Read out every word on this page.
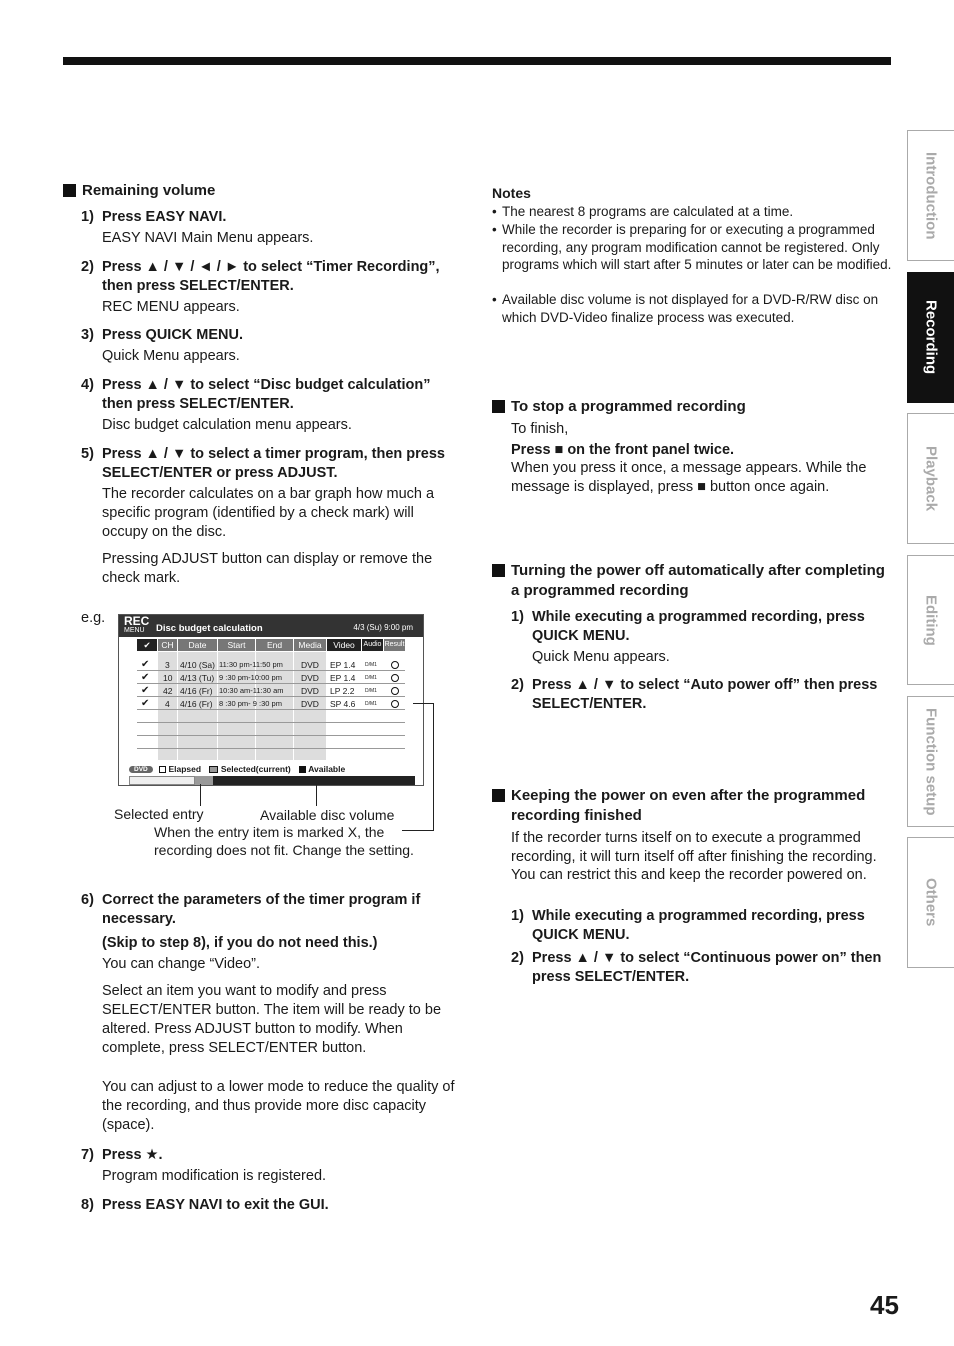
Introduction
Recording
Playback
Editing
Function setup
Others
Remaining volume
1) Press EASY NAVI.
EASY NAVI Main Menu appears.
2) Press ▲ / ▼ / ◄ / ► to select “Timer Recording”, then press SELECT/ENTER.
REC MENU appears.
3) Press QUICK MENU.
Quick Menu appears.
4) Press ▲ / ▼ to select “Disc budget calculation” then press SELECT/ENTER.
Disc budget calculation menu appears.
5) Press ▲ / ▼ to select a timer program, then press SELECT/ENTER or press ADJUST.
The recorder calculates on a bar graph how much a specific program (identified by a check mark) will occupy on the disc.
Pressing ADJUST button can display or remove the check mark.
e.g. REC
MENU Disc budget calculation	4/3 (Su) 9:00 pm
✔	CH	Date	Start	End	Media	Video	Audio Result
✔ 3 4/10 (Sa) 11:30 pm-11:50 pm DVD EP 1.4 D/M1
✔ 10 4/13 (Tu) 9 :30 pm-10:00 pm DVD EP 1.4 D/M1
✔ 42 4/16 (Fr) 10:30 am-11:30 am DVD LP 2.2 D/M1
✔ 4 4/16 (Fr) 8 :30 pm- 9 :30 pm DVD SP 4.6 D/M1
DVD Elapsed Selected(current) Available
Selected entry	Available disc volume
When the entry item is marked X, the recording does not fit. Change the setting.
6) Correct the parameters of the timer program if necessary.
(Skip to step 8), if you do not need this.)
You can change “Video”.
Select an item you want to modify and press SELECT/ENTER button. The item will be ready to be altered. Press ADJUST button to modify. When complete, press SELECT/ENTER button.
You can adjust to a lower mode to reduce the quality of the recording, and thus provide more disc capacity (space).
7) Press ★.
Program modification is registered.
8) Press EASY NAVI to exit the GUI.
Notes
• The nearest 8 programs are calculated at a time.
• While the recorder is preparing for or executing a programmed recording, any program modification cannot be registered. Only programs which will start after 5 minutes or later can be modified.
• Available disc volume is not displayed for a DVD-R/RW disc on which DVD-Video finalize process was executed.
To stop a programmed recording
To finish,
Press ■ on the front panel twice.
When you press it once, a message appears. While the message is displayed, press ■ button once again.
Turning the power off automatically after completing a programmed recording
1) While executing a programmed recording, press QUICK MENU.
Quick Menu appears.
2) Press ▲ / ▼ to select “Auto power off” then press SELECT/ENTER.
Keeping the power on even after the programmed recording finished
If the recorder turns itself on to execute a programmed recording, it will turn itself off after finishing the recording. You can restrict this and keep the recorder powered on.
1) While executing a programmed recording, press QUICK MENU.
2) Press ▲ / ▼ to select “Continuous power on” then press SELECT/ENTER.
45
